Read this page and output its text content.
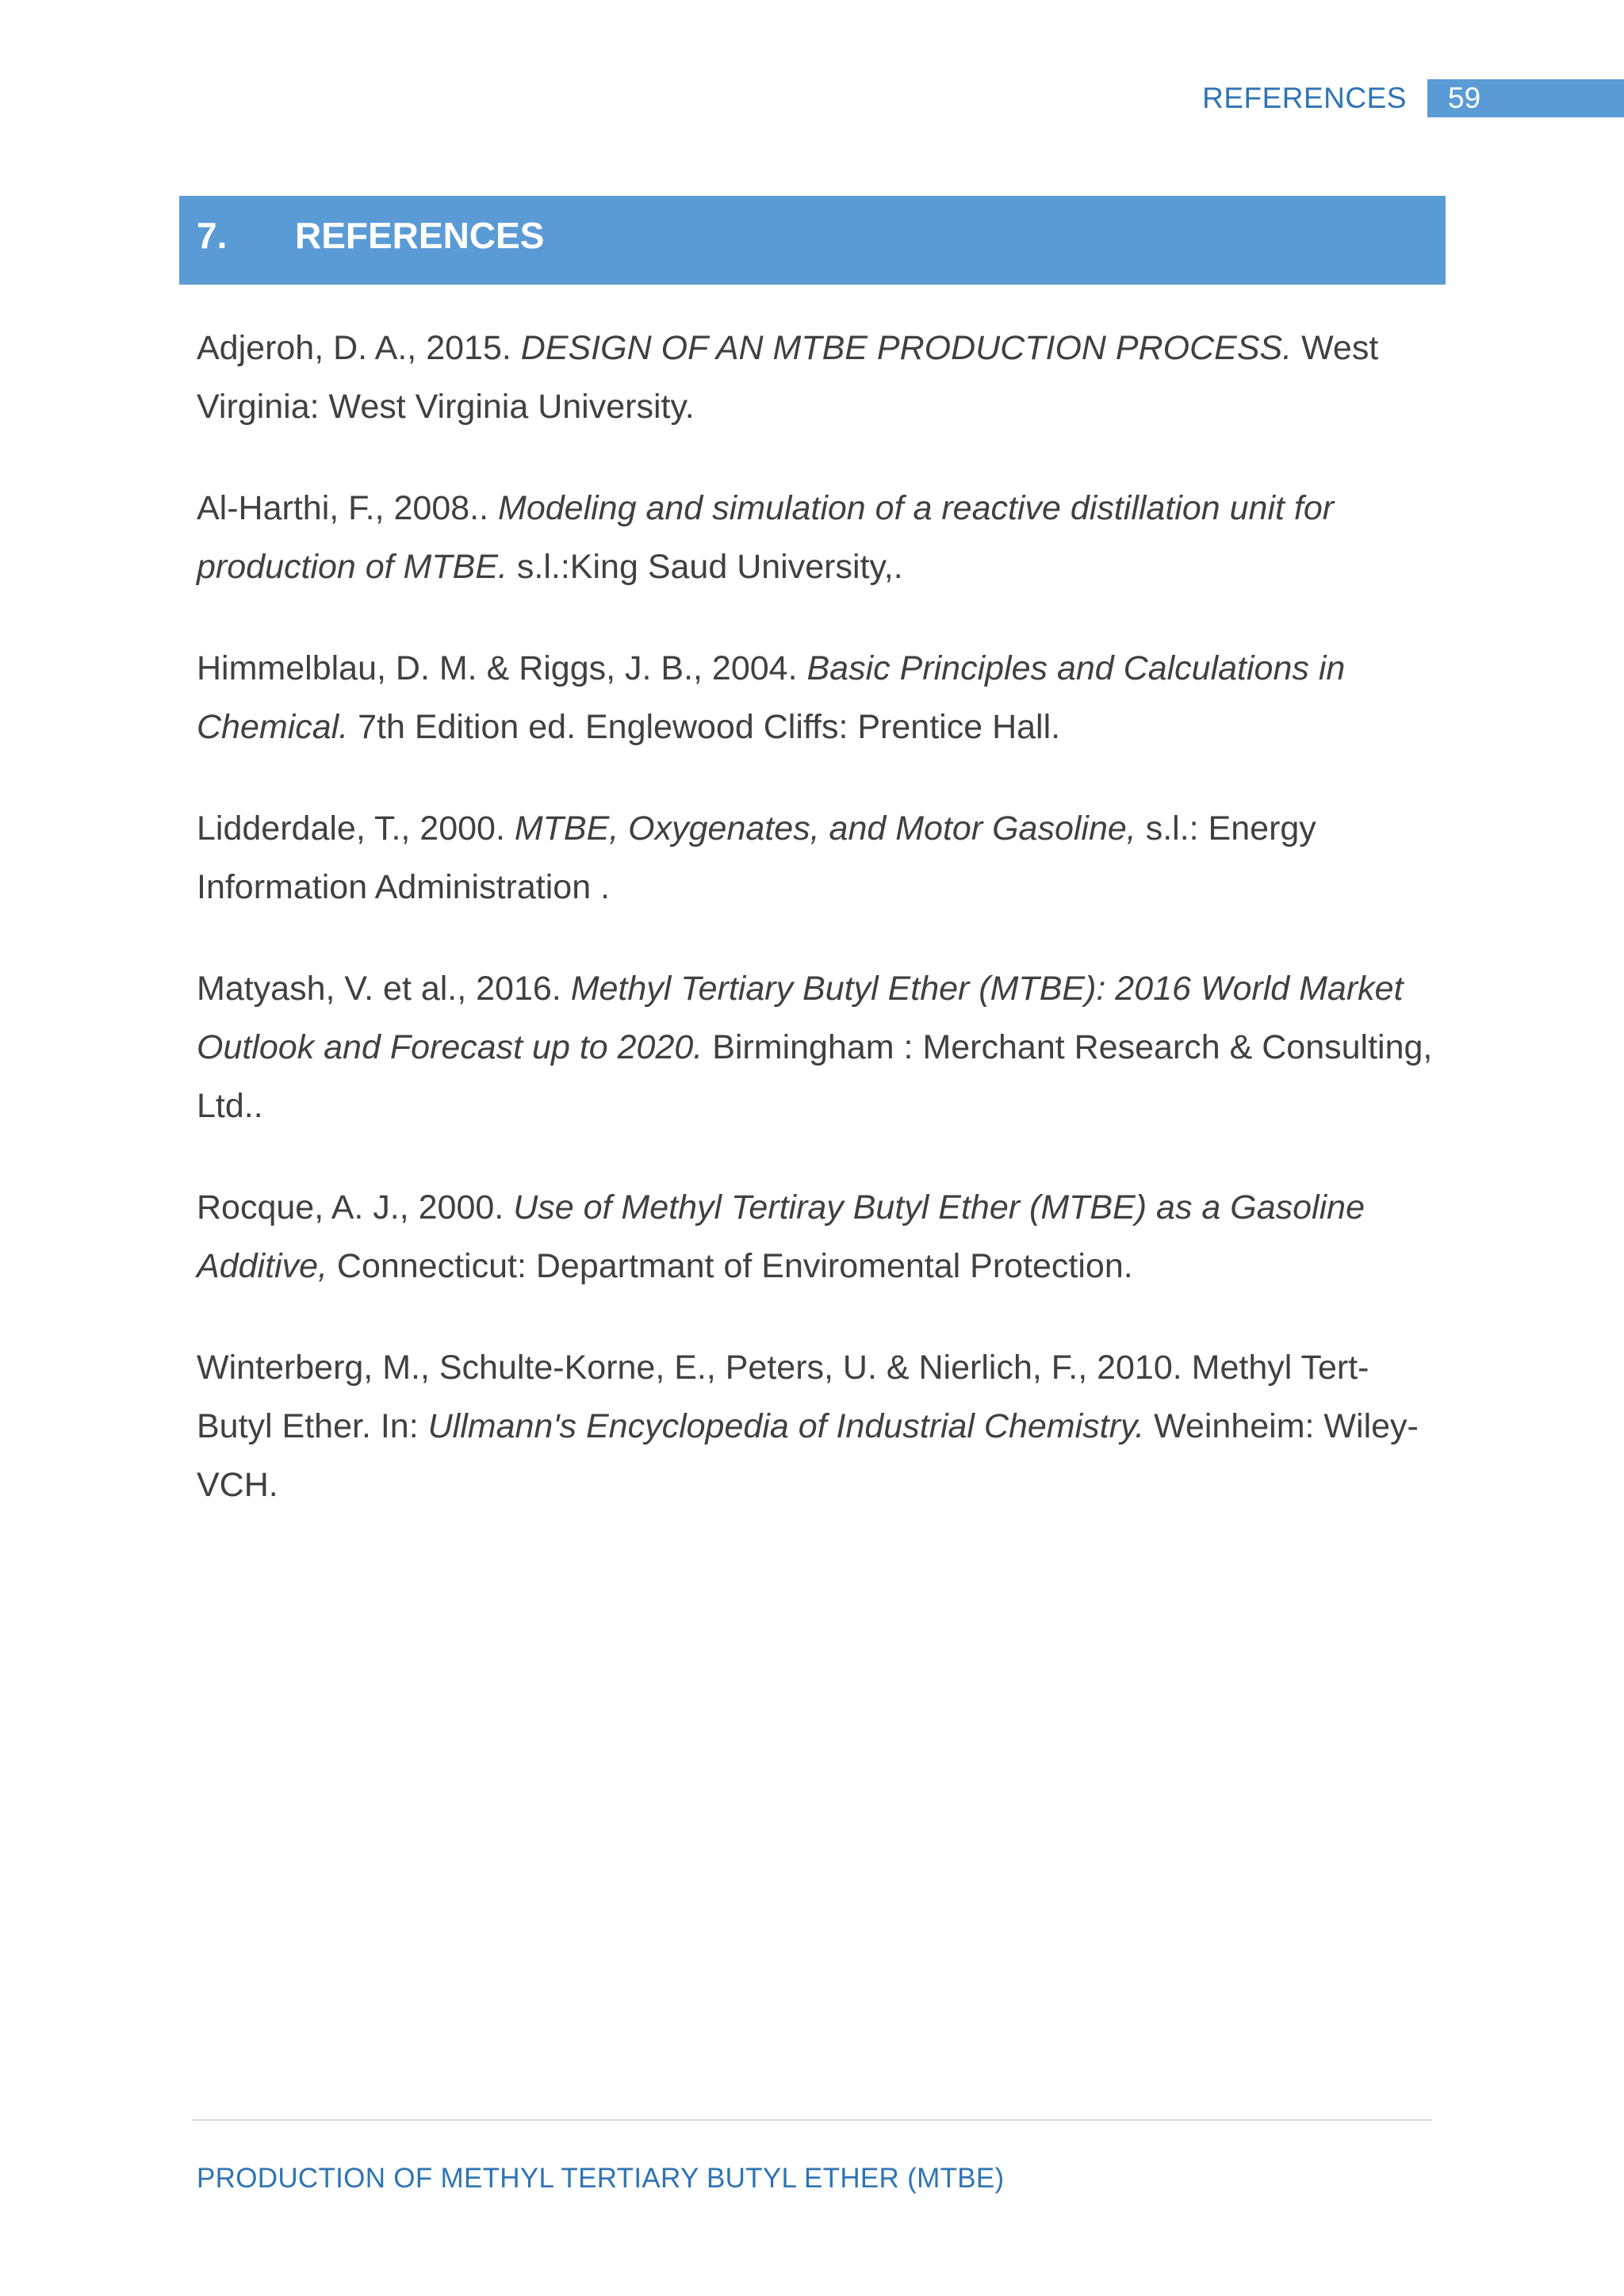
REFERENCES	59
7.	REFERENCES
Adjeroh, D. A., 2015. DESIGN OF AN MTBE PRODUCTION PROCESS. West Virginia: West Virginia University.
Al-Harthi, F., 2008.. Modeling and simulation of a reactive distillation unit for production of MTBE. s.l.:King Saud University,.
Himmelblau, D. M. & Riggs, J. B., 2004. Basic Principles and Calculations in Chemical. 7th Edition ed. Englewood Cliffs: Prentice Hall.
Lidderdale, T., 2000. MTBE, Oxygenates, and Motor Gasoline, s.l.: Energy Information Administration .
Matyash, V. et al., 2016. Methyl Tertiary Butyl Ether (MTBE): 2016 World Market Outlook and Forecast up to 2020. Birmingham : Merchant Research & Consulting, Ltd..
Rocque, A. J., 2000. Use of Methyl Tertiray Butyl Ether (MTBE) as a Gasoline Additive, Connecticut: Departmant of Enviromental Protection.
Winterberg, M., Schulte-Korne, E., Peters, U. & Nierlich, F., 2010. Methyl Tert-Butyl Ether. In: Ullmann's Encyclopedia of Industrial Chemistry. Weinheim: Wiley-VCH.
PRODUCTION OF METHYL TERTIARY BUTYL ETHER (MTBE)
